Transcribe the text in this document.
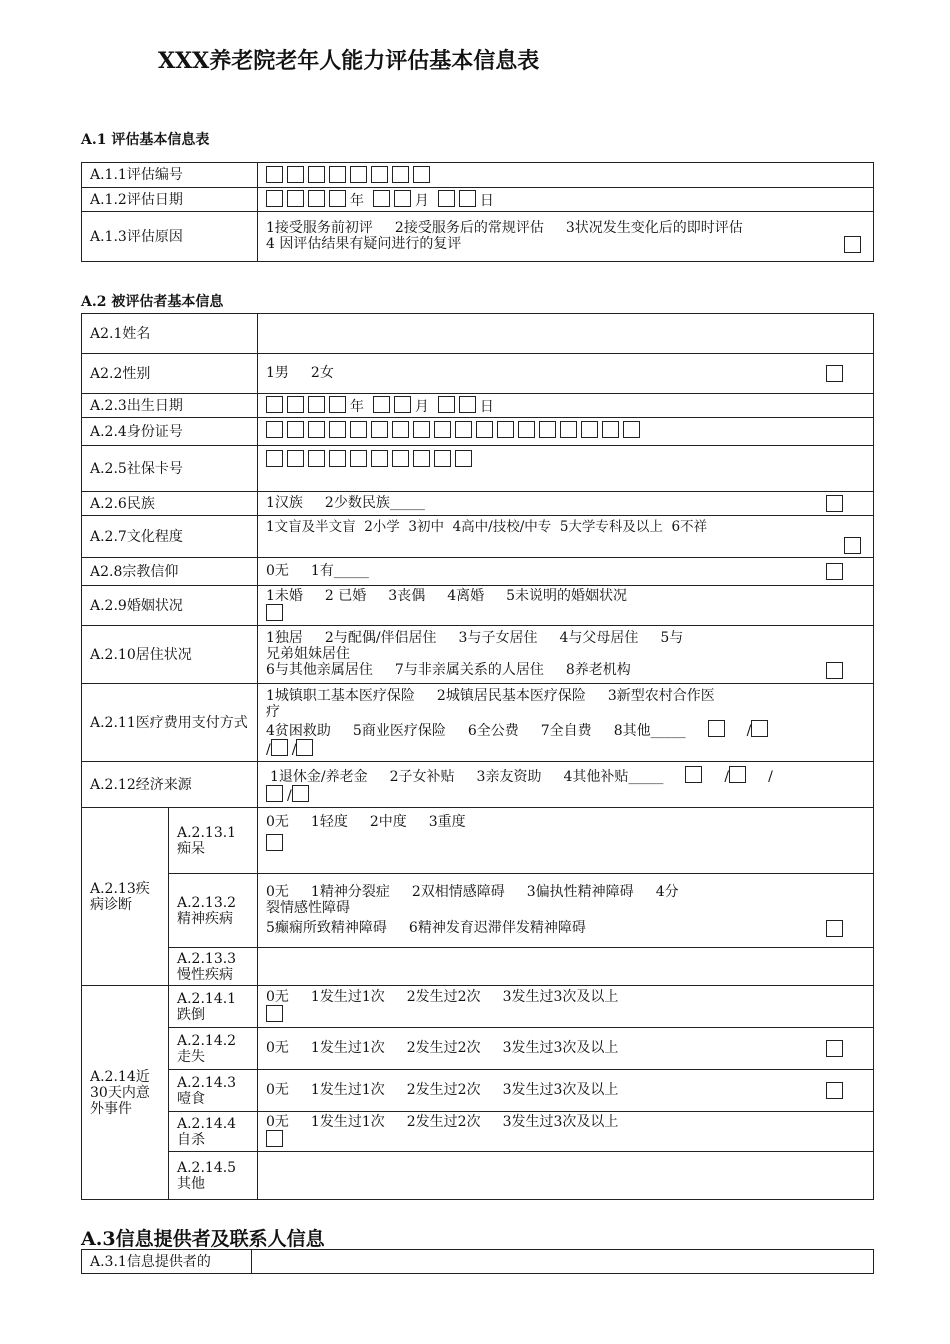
XXX养老院老年人能力评估基本信息表
A.1 评估基本信息表
A.1.1评估编号	
A.1.2评估日期	年 月 日
A.1.3评估原因	1接受服务前初评 2接受服务后的常规评估 3状况发生变化后的即时评估
4 因评估结果有疑问进行的复评
A.2 被评估者基本信息
A2.1姓名		
A2.2性别		1男 2女

A.2.3出生日期		年 月 日
A.2.4身份证号		
A.2.5社保卡号		
A.2.6民族		1汉族 2少数民族_____

A.2.7文化程度		1文盲及半文盲 2小学 3初中 4高中/技校/中专 5大学专科及以上 6不祥

A2.8宗教信仰		0无 1有_____

A.2.9婚姻状况		1未婚 2 已婚 3丧偶 4离婚 5未说明的婚姻状况

A.2.10居住状况		1独居 2与配偶/伴侣居住 3与子女居住 4与父母居住 5与
兄弟姐妹居住
6与其他亲属居住 7与非亲属关系的人居住 8养老机构

A.2.11医疗费用支付方式		1城镇职工基本医疗保险 2城镇居民基本医疗保险 3新型农村合作医
疗
4贫困救助 5商业医疗保险 6全公费 7全自费 8其他_____ /
/ /

A.2.12经济来源		1退休金/养老金 2子女补贴 3亲友资助 4其他补贴_____ / /
/

A.2.13疾病诊断	A.2.13.1痴呆	0无 1轻度 2中度 3重度

	A.2.13.2精神疾病	0无 1精神分裂症 2双相情感障碍 3偏执性精神障碍 4分
裂情感性障碍
5癫痫所致精神障碍 6精神发育迟滞伴发精神障碍

	A.2.13.3慢性疾病	
A.2.14近30天内意外事件	A.2.14.1跌倒	0无 1发生过1次 2发生过2次 3发生过3次及以上

	A.2.14.2走失	0无 1发生过1次 2发生过2次 3发生过3次及以上

	A.2.14.3噎食	0无 1发生过1次 2发生过2次 3发生过3次及以上

	A.2.14.4自杀	0无 1发生过1次 2发生过2次 3发生过3次及以上

	A.2.14.5其他	
A.3信息提供者及联系人信息
A.3.1信息提供者的	
